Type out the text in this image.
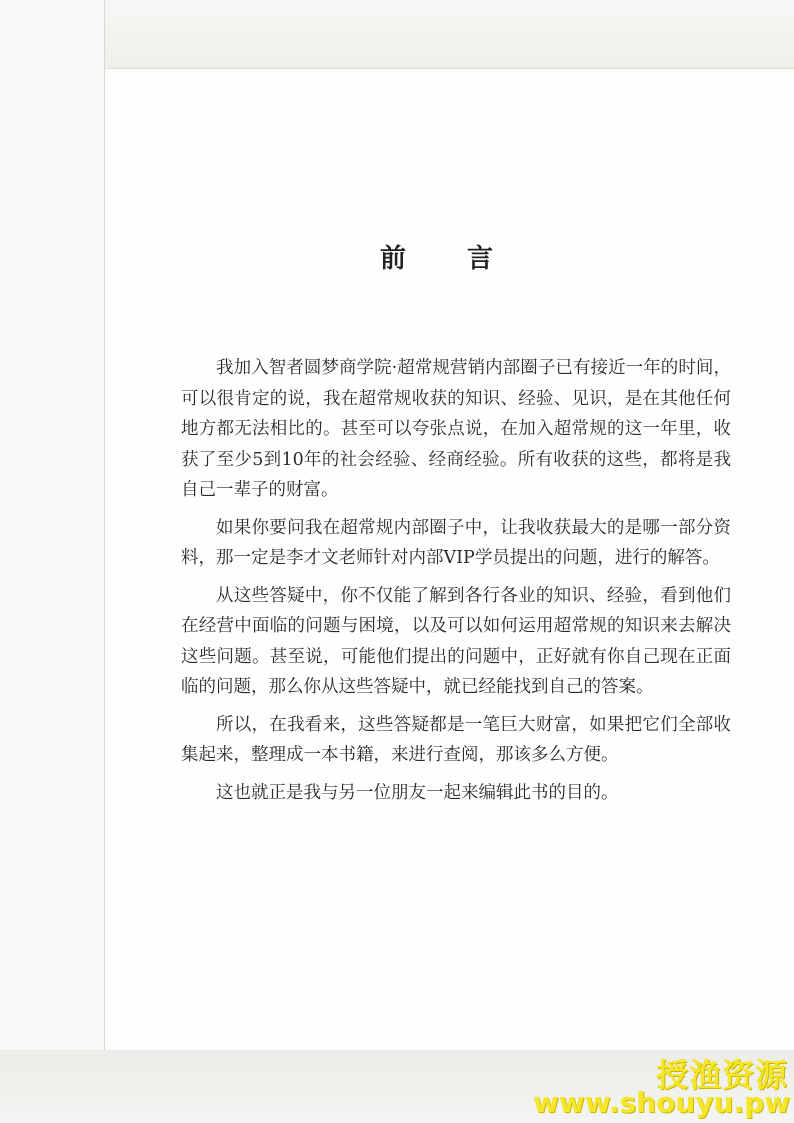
前 言

我加入智者圆梦商学院·超常规营销内部圈子已有接近一年的时间，可以很肯定的说，我在超常规收获的知识、经验、见识，是在其他任何地方都无法相比的。甚至可以夸张点说，在加入超常规的这一年里，收获了至少5到10年的社会经验、经商经验。所有收获的这些，都将是我自己一辈子的财富。

如果你要问我在超常规内部圈子中，让我收获最大的是哪一部分资料，那一定是李才文老师针对内部VIP学员提出的问题，进行的解答。

从这些答疑中，你不仅能了解到各行各业的知识、经验，看到他们在经营中面临的问题与困境，以及可以如何运用超常规的知识来去解决这些问题。甚至说，可能他们提出的问题中，正好就有你自己现在正面临的问题，那么你从这些答疑中，就已经能找到自己的答案。

所以，在我看来，这些答疑都是一笔巨大财富，如果把它们全部收集起来，整理成一本书籍，来进行查阅，那该多么方便。

这也就正是我与另一位朋友一起来编辑此书的目的。

授渔资源
www.shouyu.pw
